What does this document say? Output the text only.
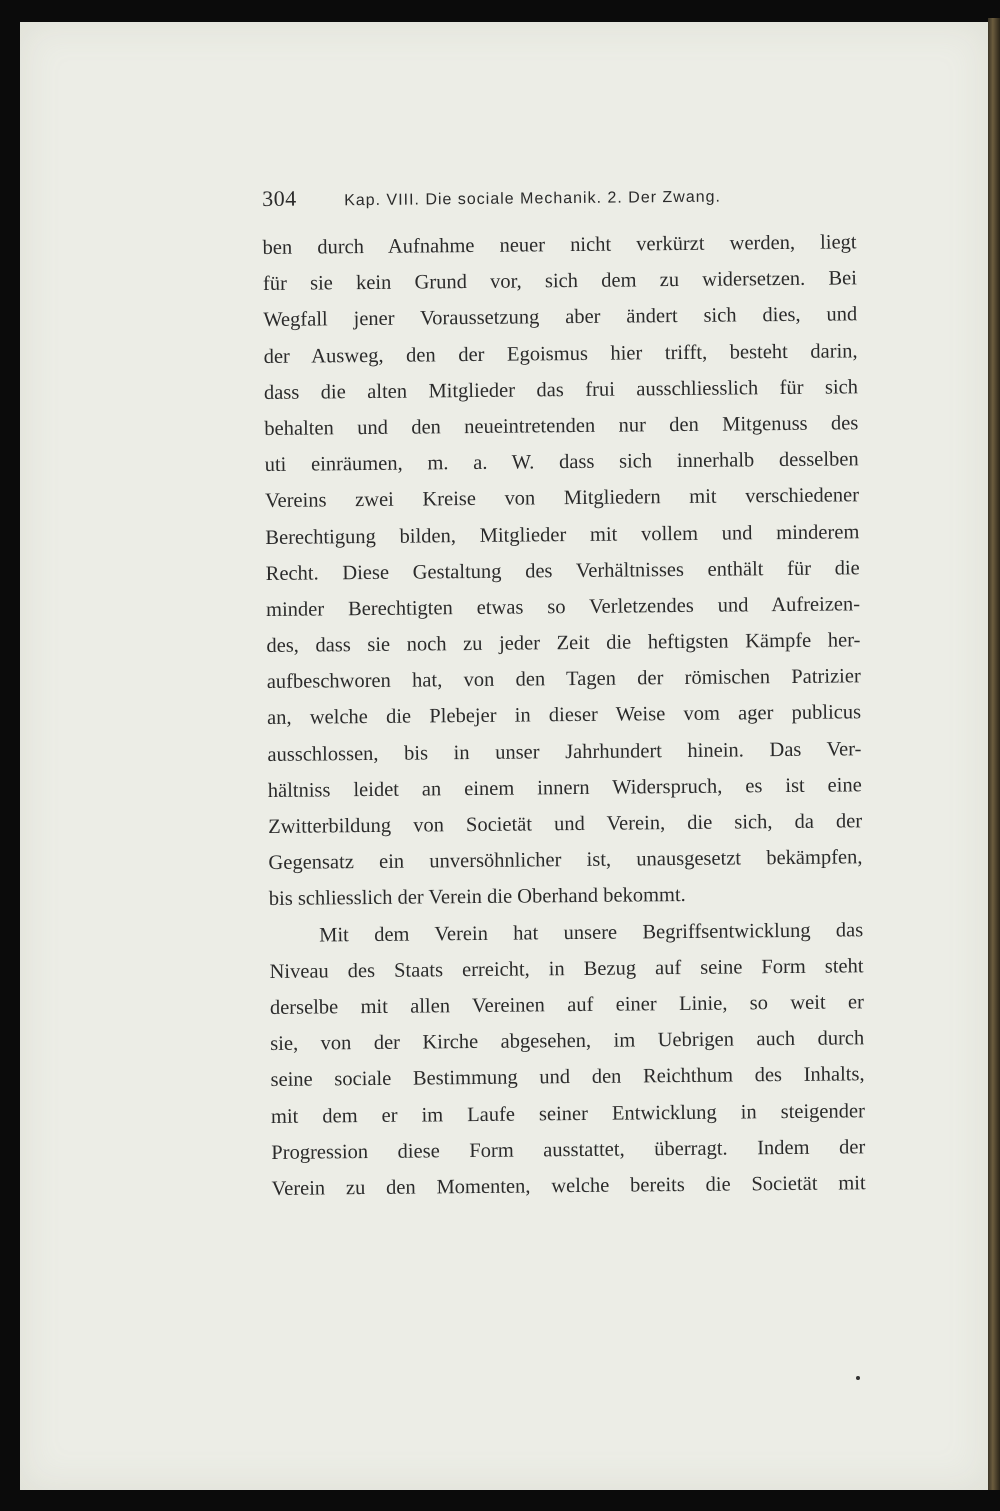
304	Kap. VIII. Die sociale Mechanik. 2. Der Zwang.
ben durch Aufnahme neuer nicht verkürzt werden, liegt
für sie kein Grund vor, sich dem zu widersetzen. Bei
Wegfall jener Voraussetzung aber ändert sich dies, und
der Ausweg, den der Egoismus hier trifft, besteht darin,
dass die alten Mitglieder das frui ausschliesslich für sich
behalten und den neueintretenden nur den Mitgenuss des
uti einräumen, m. a. W. dass sich innerhalb desselben
Vereins zwei Kreise von Mitgliedern mit verschiedener
Berechtigung bilden, Mitglieder mit vollem und minderem
Recht. Diese Gestaltung des Verhältnisses enthält für die
minder Berechtigten etwas so Verletzendes und Aufreizen-
des, dass sie noch zu jeder Zeit die heftigsten Kämpfe her-
aufbeschworen hat, von den Tagen der römischen Patrizier
an, welche die Plebejer in dieser Weise vom ager publicus
ausschlossen, bis in unser Jahrhundert hinein. Das Ver-
hältniss leidet an einem innern Widerspruch, es ist eine
Zwitterbildung von Societät und Verein, die sich, da der
Gegensatz ein unversöhnlicher ist, unausgesetzt bekämpfen,
bis schliesslich der Verein die Oberhand bekommt.
Mit dem Verein hat unsere Begriffsentwicklung das
Niveau des Staats erreicht, in Bezug auf seine Form steht
derselbe mit allen Vereinen auf einer Linie, so weit er
sie, von der Kirche abgesehen, im Uebrigen auch durch
seine sociale Bestimmung und den Reichthum des Inhalts,
mit dem er im Laufe seiner Entwicklung in steigender
Progression diese Form ausstattet, überragt. Indem der
Verein zu den Momenten, welche bereits die Societät mit
